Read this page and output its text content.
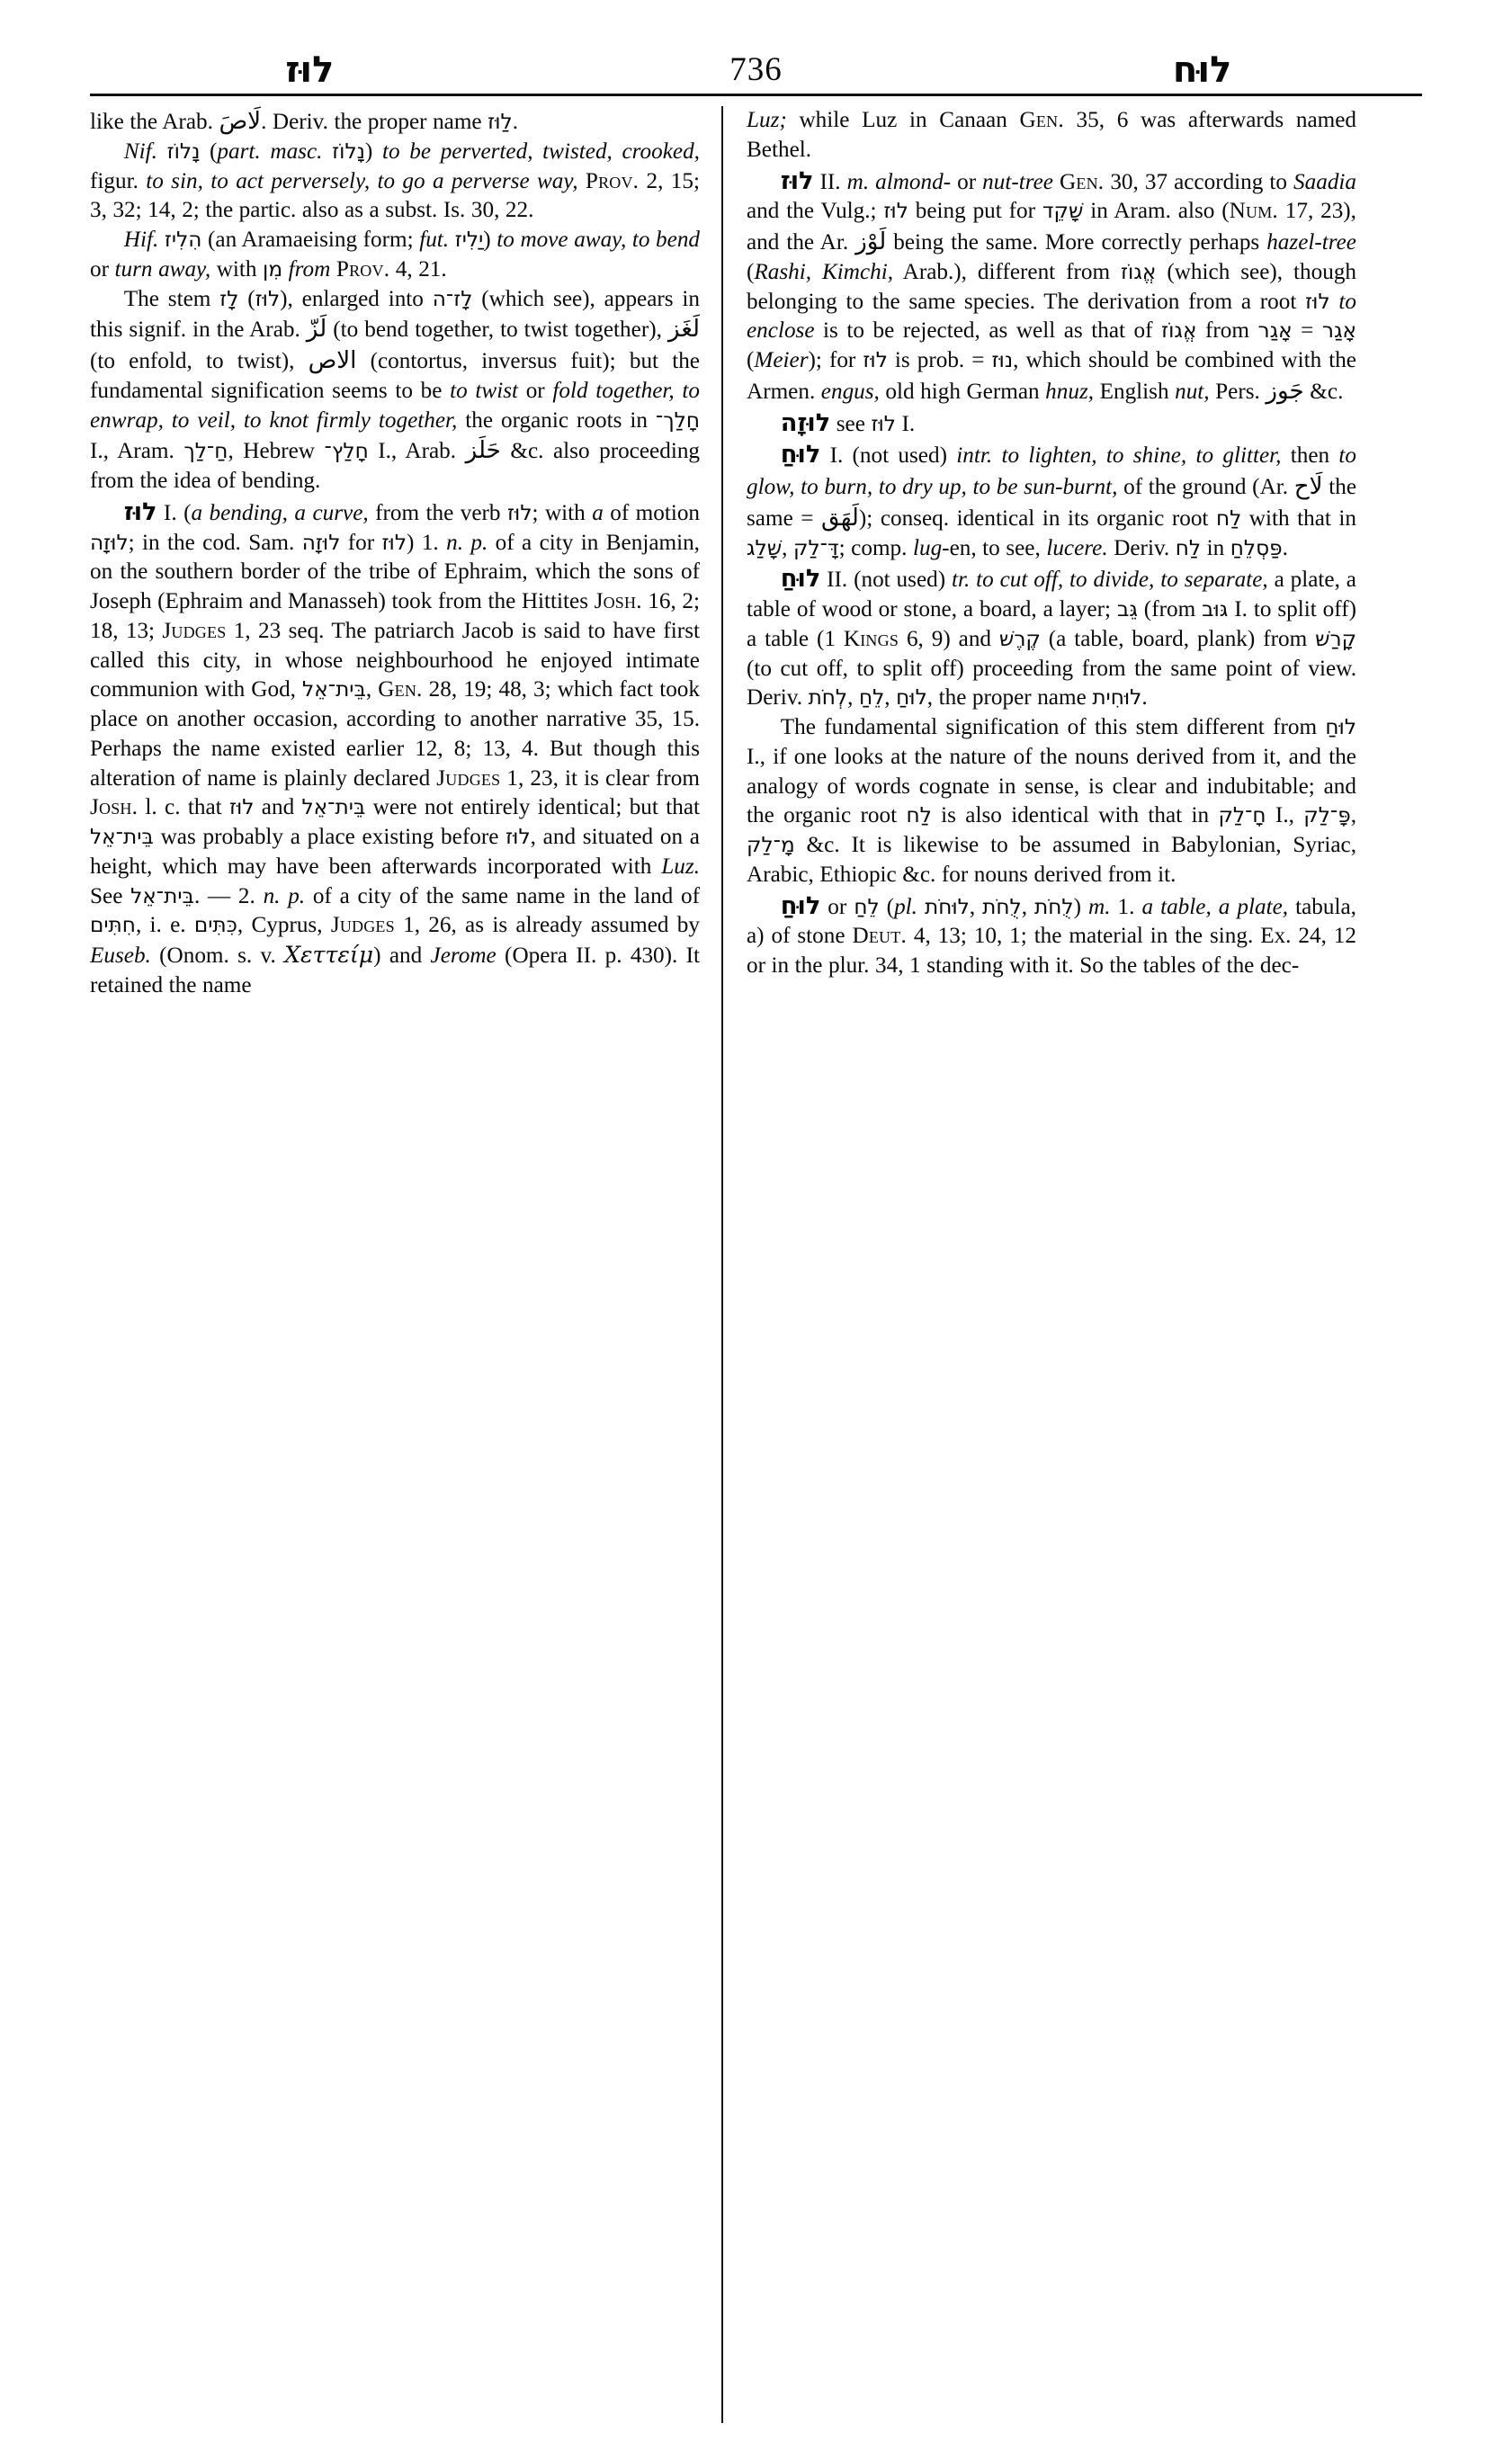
לוּז	736	לוּח

like the Arab. لَاصَ. Deriv. the proper name לַוּז.

Nif. נָלוֹז (part. masc. נָלוֹז) to be perverted, twisted, crooked, figur. to sin, to act perversely, to go a perverse way, Prov. 2, 15; 3, 32; 14, 2; the partic. also as a subst. Is. 30, 22.

Hif. הִלִיז (an Aramaeising form; fut. יַלִיז) to move away, to bend or turn away, with מִן from Prov. 4, 21.

The stem לָז (לוּז), enlarged into לָז־ה (which see), appears in this signif. in the Arab. لَزّ (to bend together, to twist together), لَغَز (to enfold, to twist), الاص (contortus, inversus fuit); but the fundamental signification seems to be to twist or fold together, to enwrap, to veil, to knot firmly together, the organic roots in חָלַך־ I., Aram. חַ־לַך, Hebrew חָלַץ־ I., Arab. حَلَز &c. also proceeding from the idea of bending.

לוּז I. (a bending, a curve, from the verb לוּז; with a of motion לוּזָה; in the cod. Sam. לוּזָה for לוּז) 1. n. p. of a city in Benjamin, on the southern border of the tribe of Ephraim, which the sons of Joseph (Ephraim and Manasseh) took from the Hittites Josh. 16, 2; 18, 13; Judges 1, 23 seq. The patriarch Jacob is said to have first called this city, in whose neighbourhood he enjoyed intimate communion with God, בֵּית־אֵל, Gen. 28, 19; 48, 3; which fact took place on another occasion, according to another narrative 35, 15. Perhaps the name existed earlier 12, 8; 13, 4. But though this alteration of name is plainly declared Judges 1, 23, it is clear from Josh. l. c. that לוּז and בֵּית־אֵל were not entirely identical; but that בֵּית־אֵל was probably a place existing before לוּז, and situated on a height, which may have been afterwards incorporated with Luz. See בֵּית־אֵל. — 2. n. p. of a city of the same name in the land of חִתִּים, i. e. כִּתִּים, Cyprus, Judges 1, 26, as is already assumed by Euseb. (Onom. s. v. Χεττείμ) and Jerome (Opera II. p. 430). It retained the name

Luz; while Luz in Canaan Gen. 35, 6 was afterwards named Bethel.

לוּז II. m. almond- or nut-tree Gen. 30, 37 according to Saadia and the Vulg.; לוּז being put for שָׁקֵד in Aram. also (Num. 17, 23), and the Ar. لَوْز being the same. More correctly perhaps hazel-tree (Rashi, Kimchi, Arab.), different from אֱגוֹז (which see), though belonging to the same species. The derivation from a root לוּז to enclose is to be rejected, as well as that of אֱגוֹז from אָגַר = אָגַר (Meier); for לוּז is prob. = נוּז, which should be combined with the Armen. engus, old high German hnuz, English nut, Pers. جَوز &c.

לוּזָה see לוּז I.

לוּחַ I. (not used) intr. to lighten, to shine, to glitter, then to glow, to burn, to dry up, to be sun-burnt, of the ground (Ar. لَاح the same = لَهَق); conseq. identical in its organic root לַח with that in שָׁלַג, דָּ־לַק; comp. lug-en, to see, lucere. Deriv. לַח in פַּסְלֵחַ.

לוּחַ II. (not used) tr. to cut off, to divide, to separate, a plate, a table of wood or stone, a board, a layer; גֵּב (from גּוּב I. to split off) a table (1 Kings 6, 9) and קֶרֶשׁ (a table, board, plank) from קָרַשׁ (to cut off, to split off) proceeding from the same point of view. Deriv. לְחֹת, לֵחַ, לוּחַ, the proper name לוּחִית.

The fundamental signification of this stem different from לוּחַ I., if one looks at the nature of the nouns derived from it, and the analogy of words cognate in sense, is clear and indubitable; and the organic root לַח is also identical with that in חָ־לַק I., פָּ־לַק, מָ־לַק &c. It is likewise to be assumed in Babylonian, Syriac, Arabic, Ethiopic &c. for nouns derived from it.

לוּחַ or לֵחַ (pl. לוּחֹת, לֻחֹת, לֻחֹת) m. 1. a table, a plate, tabula, a) of stone Deut. 4, 13; 10, 1; the material in the sing. Ex. 24, 12 or in the plur. 34, 1 standing with it. So the tables of the dec-
